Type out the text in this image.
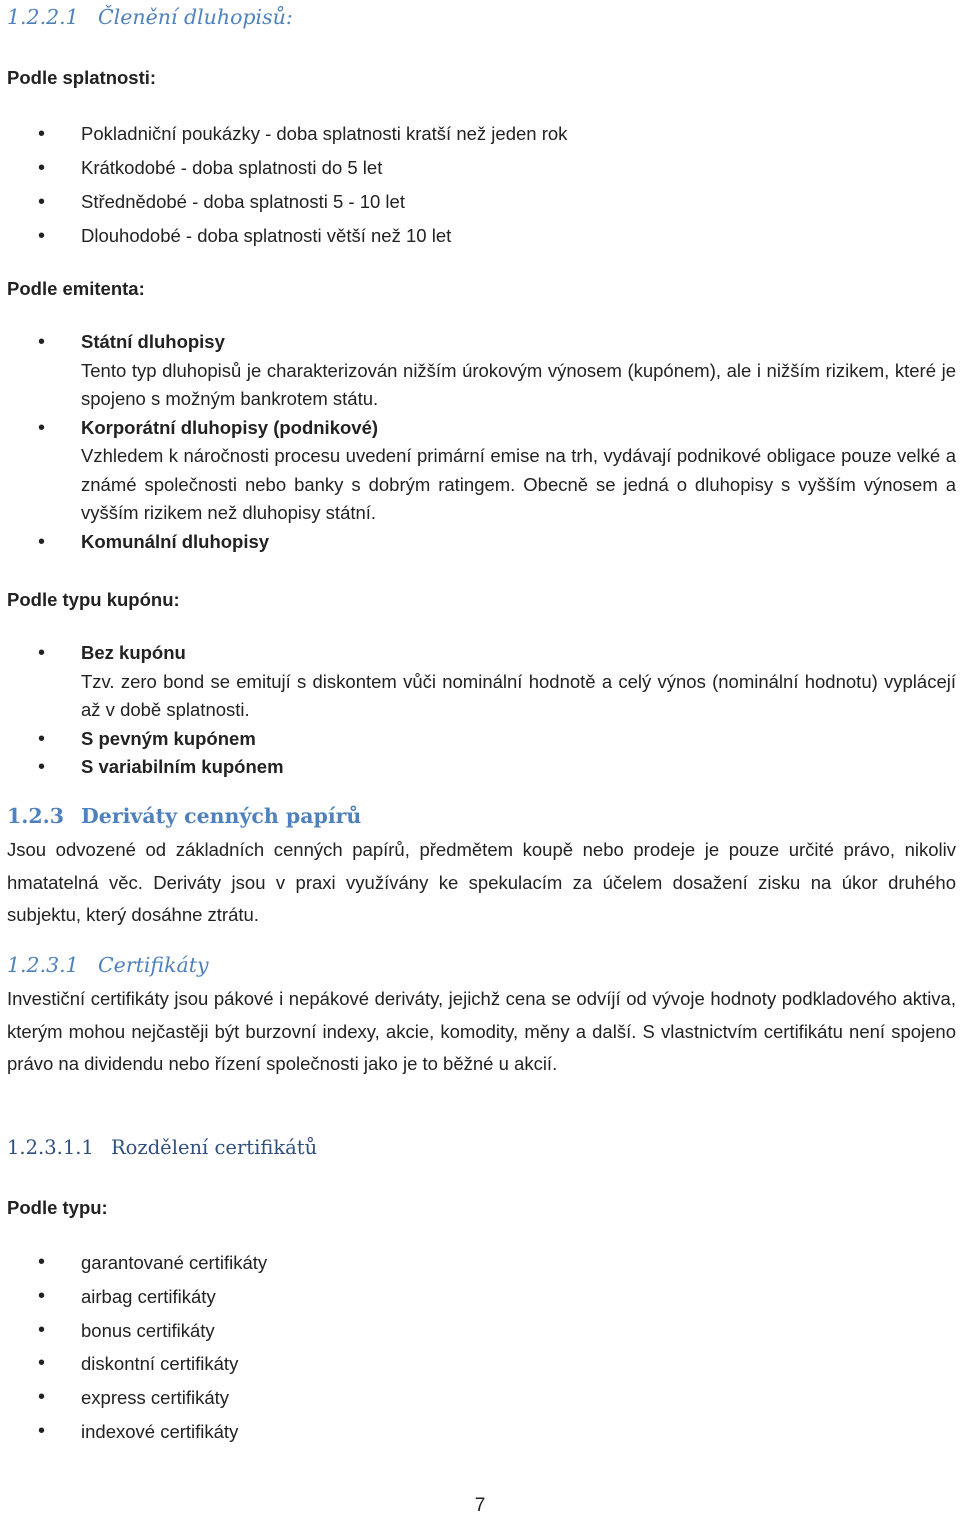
1.2.2.1 Členění dluhopisů:

Podle splatnosti:

• Pokladniční poukázky - doba splatnosti kratší než jeden rok
• Krátkodobé - doba splatnosti do 5 let
• Střednědobé - doba splatnosti 5 - 10 let
• Dlouhodobé - doba splatnosti větší než 10 let

Podle emitenta:

• Státní dluhopisy
Tento typ dluhopisů je charakterizován nižším úrokovým výnosem (kupónem), ale i nižším rizikem, které je spojeno s možným bankrotem státu.
• Korporátní dluhopisy (podnikové)
Vzhledem k náročnosti procesu uvedení primární emise na trh, vydávají podnikové obligace pouze velké a známé společnosti nebo banky s dobrým ratingem. Obecně se jedná o dluhopisy s vyšším výnosem a vyšším rizikem než dluhopisy státní.
• Komunální dluhopisy

Podle typu kupónu:

• Bez kupónu
Tzv. zero bond se emitují s diskontem vůči nominální hodnotě a celý výnos (nominální hodnotu) vyplácejí až v době splatnosti.
• S pevným kupónem
• S variabilním kupónem
1.2.3 Deriváty cenných papírů

Jsou odvozené od základních cenných papírů, předmětem koupě nebo prodeje je pouze určité právo, nikoliv hmatatelná věc. Deriváty jsou v praxi využívány ke spekulacím za účelem dosažení zisku na úkor druhého subjektu, který dosáhne ztrátu.

1.2.3.1 Certifikáty

Investiční certifikáty jsou pákové i nepákové deriváty, jejichž cena se odvíjí od vývoje hodnoty podkladového aktiva, kterým mohou nejčastěji být burzovní indexy, akcie, komodity, měny a další. S vlastnictvím certifikátu není spojeno právo na dividendu nebo řízení společnosti jako je to běžné u akcií.

1.2.3.1.1 Rozdělení certifikátů

Podle typu:

• garantované certifikáty
• airbag certifikáty
• bonus certifikáty
• diskontní certifikáty
• express certifikáty
• indexové certifikáty
7
